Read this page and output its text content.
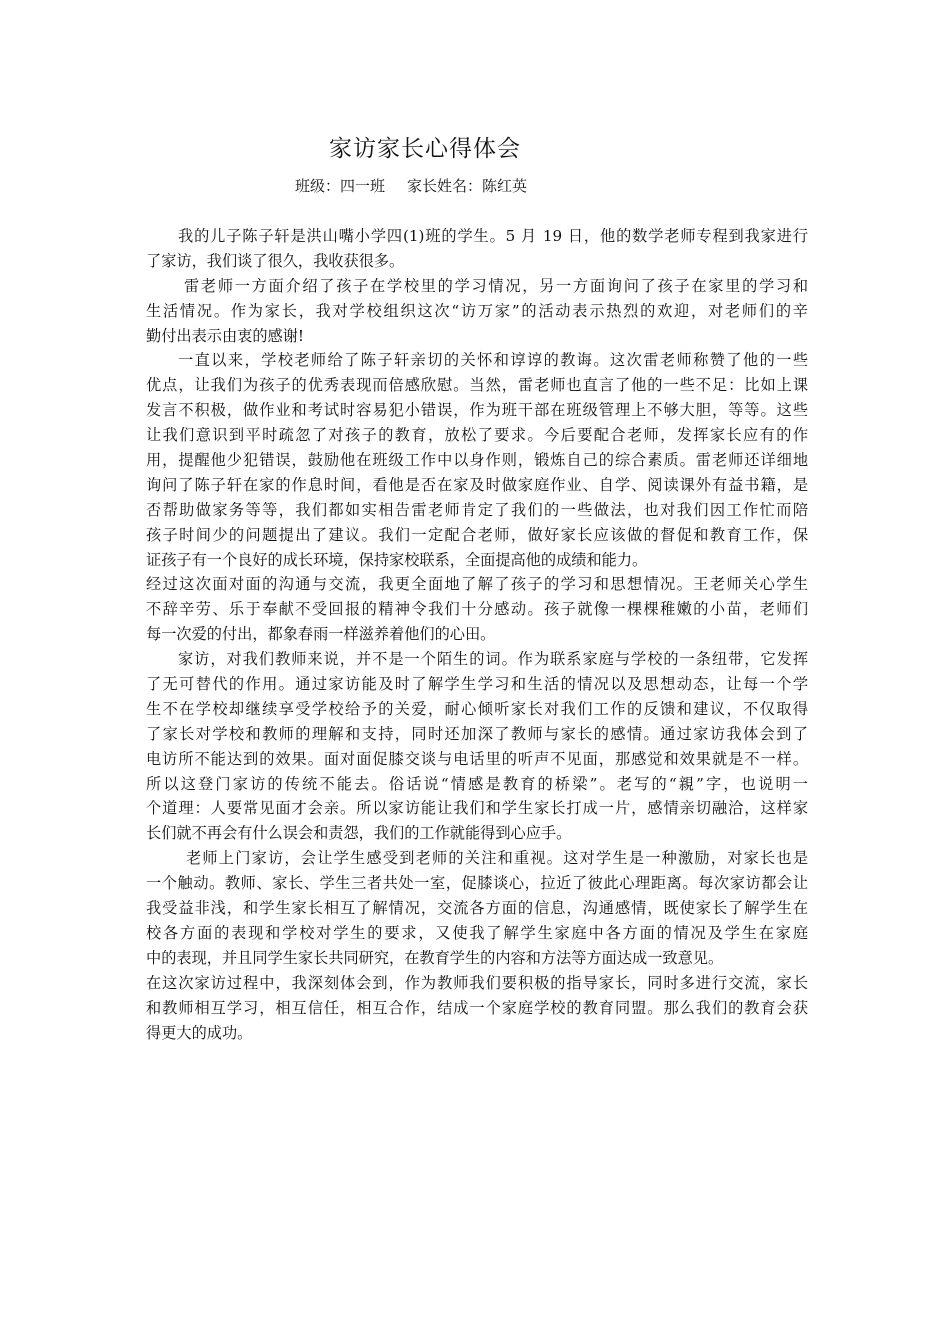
家访家长心得体会
班级：四一班 家长姓名：陈红英
我的儿子陈子轩是洪山嘴小学四(1)班的学生。5 月 19 日，他的数学老师专程到我家进行
了家访，我们谈了很久，我收获很多。
雷老师一方面介绍了孩子在学校里的学习情况，另一方面询问了孩子在家里的学习和
生活情况。作为家长，我对学校组织这次“访万家”的活动表示热烈的欢迎，对老师们的辛
勤付出表示由衷的感谢!
一直以来，学校老师给了陈子轩亲切的关怀和谆谆的教诲。这次雷老师称赞了他的一些
优点，让我们为孩子的优秀表现而倍感欣慰。当然，雷老师也直言了他的一些不足：比如上课
发言不积极，做作业和考试时容易犯小错误，作为班干部在班级管理上不够大胆，等等。这些
让我们意识到平时疏忽了对孩子的教育，放松了要求。今后要配合老师，发挥家长应有的作
用，提醒他少犯错误，鼓励他在班级工作中以身作则，锻炼自己的综合素质。雷老师还详细地
询问了陈子轩在家的作息时间，看他是否在家及时做家庭作业、自学、阅读课外有益书籍，是
否帮助做家务等等，我们都如实相告雷老师肯定了我们的一些做法，也对我们因工作忙而陪
孩子时间少的问题提出了建议。我们一定配合老师，做好家长应该做的督促和教育工作，保
证孩子有一个良好的成长环境，保持家校联系，全面提高他的成绩和能力。
经过这次面对面的沟通与交流，我更全面地了解了孩子的学习和思想情况。王老师关心学生
不辞辛劳、乐于奉献不受回报的精神令我们十分感动。孩子就像一棵棵稚嫩的小苗，老师们
每一次爱的付出，都象春雨一样滋养着他们的心田。
家访，对我们教师来说，并不是一个陌生的词。作为联系家庭与学校的一条纽带，它发挥
了无可替代的作用。通过家访能及时了解学生学习和生活的情况以及思想动态，让每一个学
生不在学校却继续享受学校给予的关爱，耐心倾听家长对我们工作的反馈和建议，不仅取得
了家长对学校和教师的理解和支持，同时还加深了教师与家长的感情。通过家访我体会到了
电访所不能达到的效果。面对面促膝交谈与电话里的听声不见面，那感觉和效果就是不一样。
所以这登门家访的传统不能去。俗话说“情感是教育的桥梁”。老写的“親”字，也说明一
个道理：人要常见面才会亲。所以家访能让我们和学生家长打成一片，感情亲切融洽，这样家
长们就不再会有什么误会和责怨，我们的工作就能得到心应手。
老师上门家访，会让学生感受到老师的关注和重视。这对学生是一种激励，对家长也是
一个触动。教师、家长、学生三者共处一室，促膝谈心，拉近了彼此心理距离。每次家访都会让
我受益非浅，和学生家长相互了解情况，交流各方面的信息，沟通感情，既使家长了解学生在
校各方面的表现和学校对学生的要求，又使我了解学生家庭中各方面的情况及学生在家庭
中的表现，并且同学生家长共同研究，在教育学生的内容和方法等方面达成一致意见。
在这次家访过程中，我深刻体会到，作为教师我们要积极的指导家长，同时多进行交流，家长
和教师相互学习，相互信任，相互合作，结成一个家庭学校的教育同盟。那么我们的教育会获
得更大的成功。
